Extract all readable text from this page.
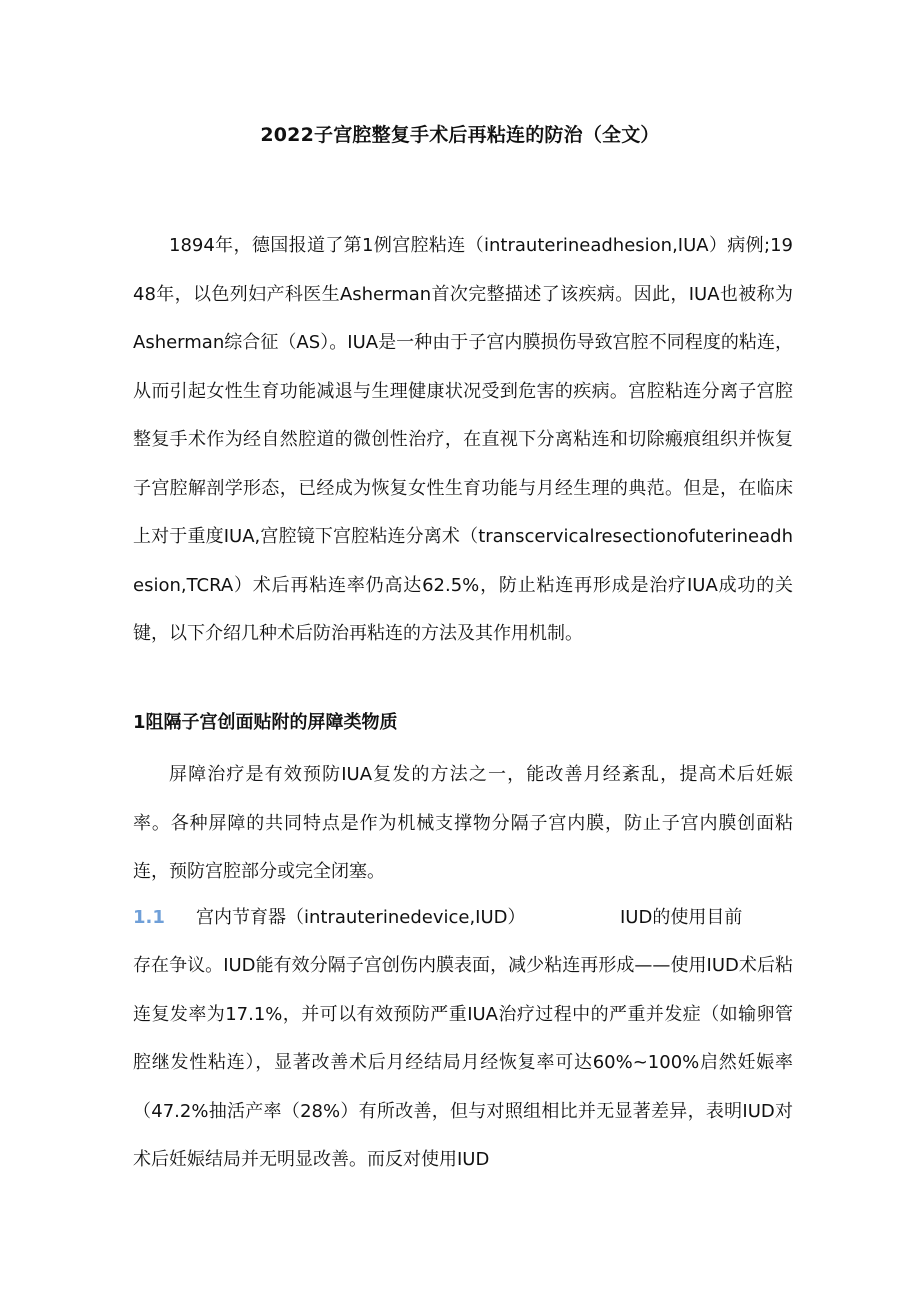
2022子宫腔整复手术后再粘连的防治（全文）
1894年，德国报道了第1例宫腔粘连（intrauterineadhesion,IUA）病例;1948年，以色列妇产科医生Asherman首次完整描述了该疾病。因此，IUA也被称为Asherman综合征（AS）。IUA是一种由于子宫内膜损伤导致宫腔不同程度的粘连，从而引起女性生育功能减退与生理健康状况受到危害的疾病。宫腔粘连分离子宫腔整复手术作为经自然腔道的微创性治疗，在直视下分离粘连和切除瘢痕组织并恢复子宫腔解剖学形态，已经成为恢复女性生育功能与月经生理的典范。但是，在临床上对于重度IUA,宫腔镜下宫腔粘连分离术（transcervicalresectionofuterineadhesion,TCRA）术后再粘连率仍高达62.5%，防止粘连再形成是治疗IUA成功的关键，以下介绍几种术后防治再粘连的方法及其作用机制。
1阻隔子宫创面贴附的屏障类物质
屏障治疗是有效预防IUA复发的方法之一，能改善月经紊乱，提高术后妊娠率。各种屏障的共同特点是作为机械支撑物分隔子宫内膜，防止子宫内膜创面粘连，预防宫腔部分或完全闭塞。
1.1 宫内节育器（intrauterinedevice,IUD）	IUD的使用目前
存在争议。IUD能有效分隔子宫创伤内膜表面，减少粘连再形成——使用IUD术后粘连复发率为17.1%，并可以有效预防严重IUA治疗过程中的严重并发症（如输卵管腔继发性粘连），显著改善术后月经结局月经恢复率可达60%~100%启然妊娠率（47.2%抽活产率（28%）有所改善，但与对照组相比并无显著差异，表明IUD对术后妊娠结局并无明显改善。而反对使用IUD
